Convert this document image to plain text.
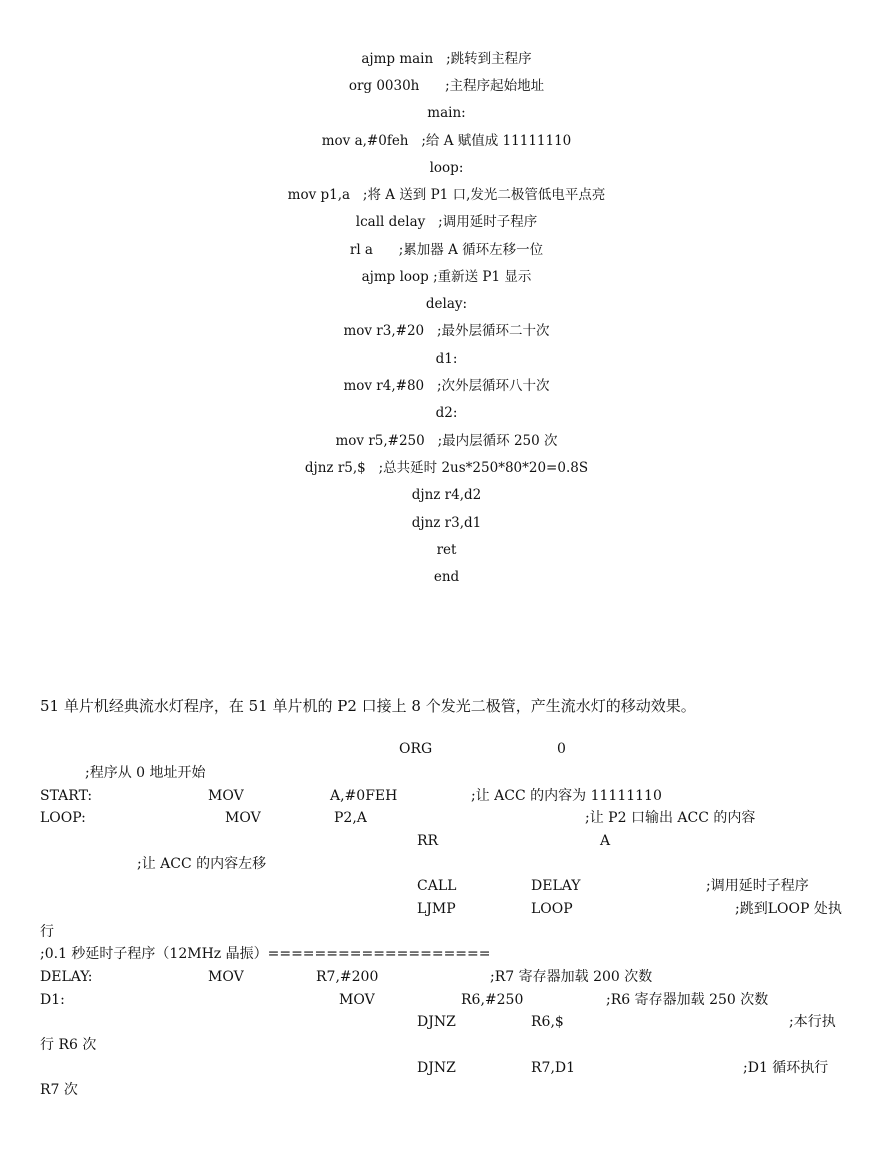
ajmp main   ;跳转到主程序
org 0030h      ;主程序起始地址
main:
mov a,#0feh   ;给 A 赋值成 11111110
loop:
mov p1,a   ;将 A 送到 P1 口,发光二极管低电平点亮
lcall delay   ;调用延时子程序
rl a      ;累加器 A 循环左移一位
ajmp loop ;重新送 P1 显示
delay:
mov r3,#20   ;最外层循环二十次
d1:
mov r4,#80   ;次外层循环八十次
d2:
mov r5,#250   ;最内层循环 250 次
djnz r5,$   ;总共延时 2us*250*80*20=0.8S
djnz r4,d2
djnz r3,d1
ret
end
51 单片机经典流水灯程序，在 51 单片机的 P2 口接上 8 个发光二极管，产生流水灯的移动效果。
ORG	0
;程序从 0 地址开始
START:	MOV	A,#0FEH	;让 ACC 的内容为 11111110
LOOP:	MOV	P2,A	;让 P2 口输出 ACC 的内容
RR	A
;让 ACC 的内容左移
CALL	DELAY	;调用延时子程序
LJMP	LOOP	;跳到LOOP 处执
行
;0.1 秒延时子程序（12MHz 晶振）===================
DELAY:	MOV	R7,#200	;R7 寄存器加载 200 次数
D1:	MOV	R6,#250	;R6 寄存器加载 250 次数
DJNZ	R6,$	;本行执
行 R6 次
DJNZ	R7,D1	;D1 循环执行
R7 次
